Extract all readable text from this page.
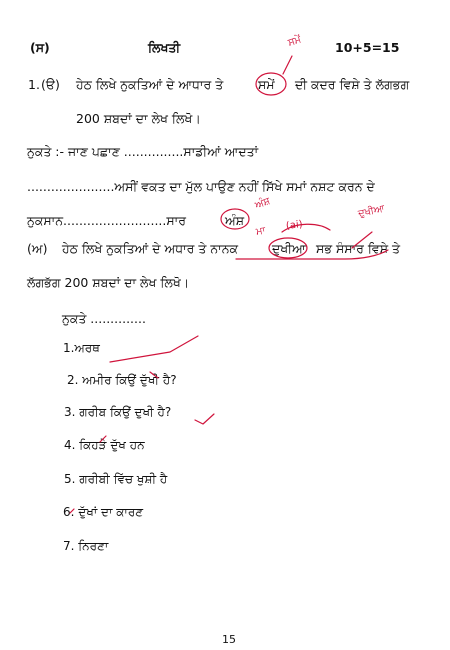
(ਸ)	ਲਿਖਤੀ	10+5=15
1. (ੳ) ਹੇਠ ਲਿਖੇ ਨੁਕਤਿਆਂ ਦੇ ਆਧਾਰ ਤੇ	ਸਮੇਂ ਦੀ ਕਦਰ ਵਿਸ਼ੇ ਤੇ ਲੱਗਭਗ
200 ਸ਼ਬਦਾਂ ਦਾ ਲੇਖ ਲਿਖੋ।
ਨੁਕਤੇ :- ਜਾਣ ਪਛਾਣ ...............ਸਾਡੀਆਂ ਆਦਤਾਂ
......................ਅਸੀਂ ਵਕਤ ਦਾ ਮੁੱਲ ਪਾਉਣ ਨਹੀਂ ਸਿੱਖੇ ਸਮਾਂ ਨਸ਼ਟ ਕਰਨ ਦੇ
ਨੁਕਸਾਨ..........................ਸਾਰ	ਅੰਸ਼
(ਅ) ਹੇਠ ਲਿਖੇ ਨੁਕਤਿਆਂ ਦੇ ਅਧਾਰ ਤੇ ਨਾਨਕ	ਦੁਖੀਆ ਸਭ ਸੰਸਾਰ ਵਿਸ਼ੇ ਤੇ
ਲੱਗਭੱਗ 200 ਸ਼ਬਦਾਂ ਦਾ ਲੇਖ ਲਿਖੋ।
ਨੁਕਤੇ ..............
1.ਅਰਥ
2. ਅਮੀਰ ਕਿਉਂ ਦੁੱਖੀ ਹੈ?
3. ਗਰੀਬ ਕਿਉਂ ਦੁਖੀ ਹੈ?
4. ਕਿਹੜੇ ਦੁੱਖ ਹਨ
5. ਗਰੀਬੀ ਵਿੱਚ ਖੁਸ਼ੀ ਹੈ
6. ਦੁੱਖਾਂ ਦਾ ਕਾਰਣ
7. ਨਿਰਣਾ
15
ਸਮੇਂ
ਅੰਸ਼
ਮਾ (ai)
ਦੁਖੀਆ
